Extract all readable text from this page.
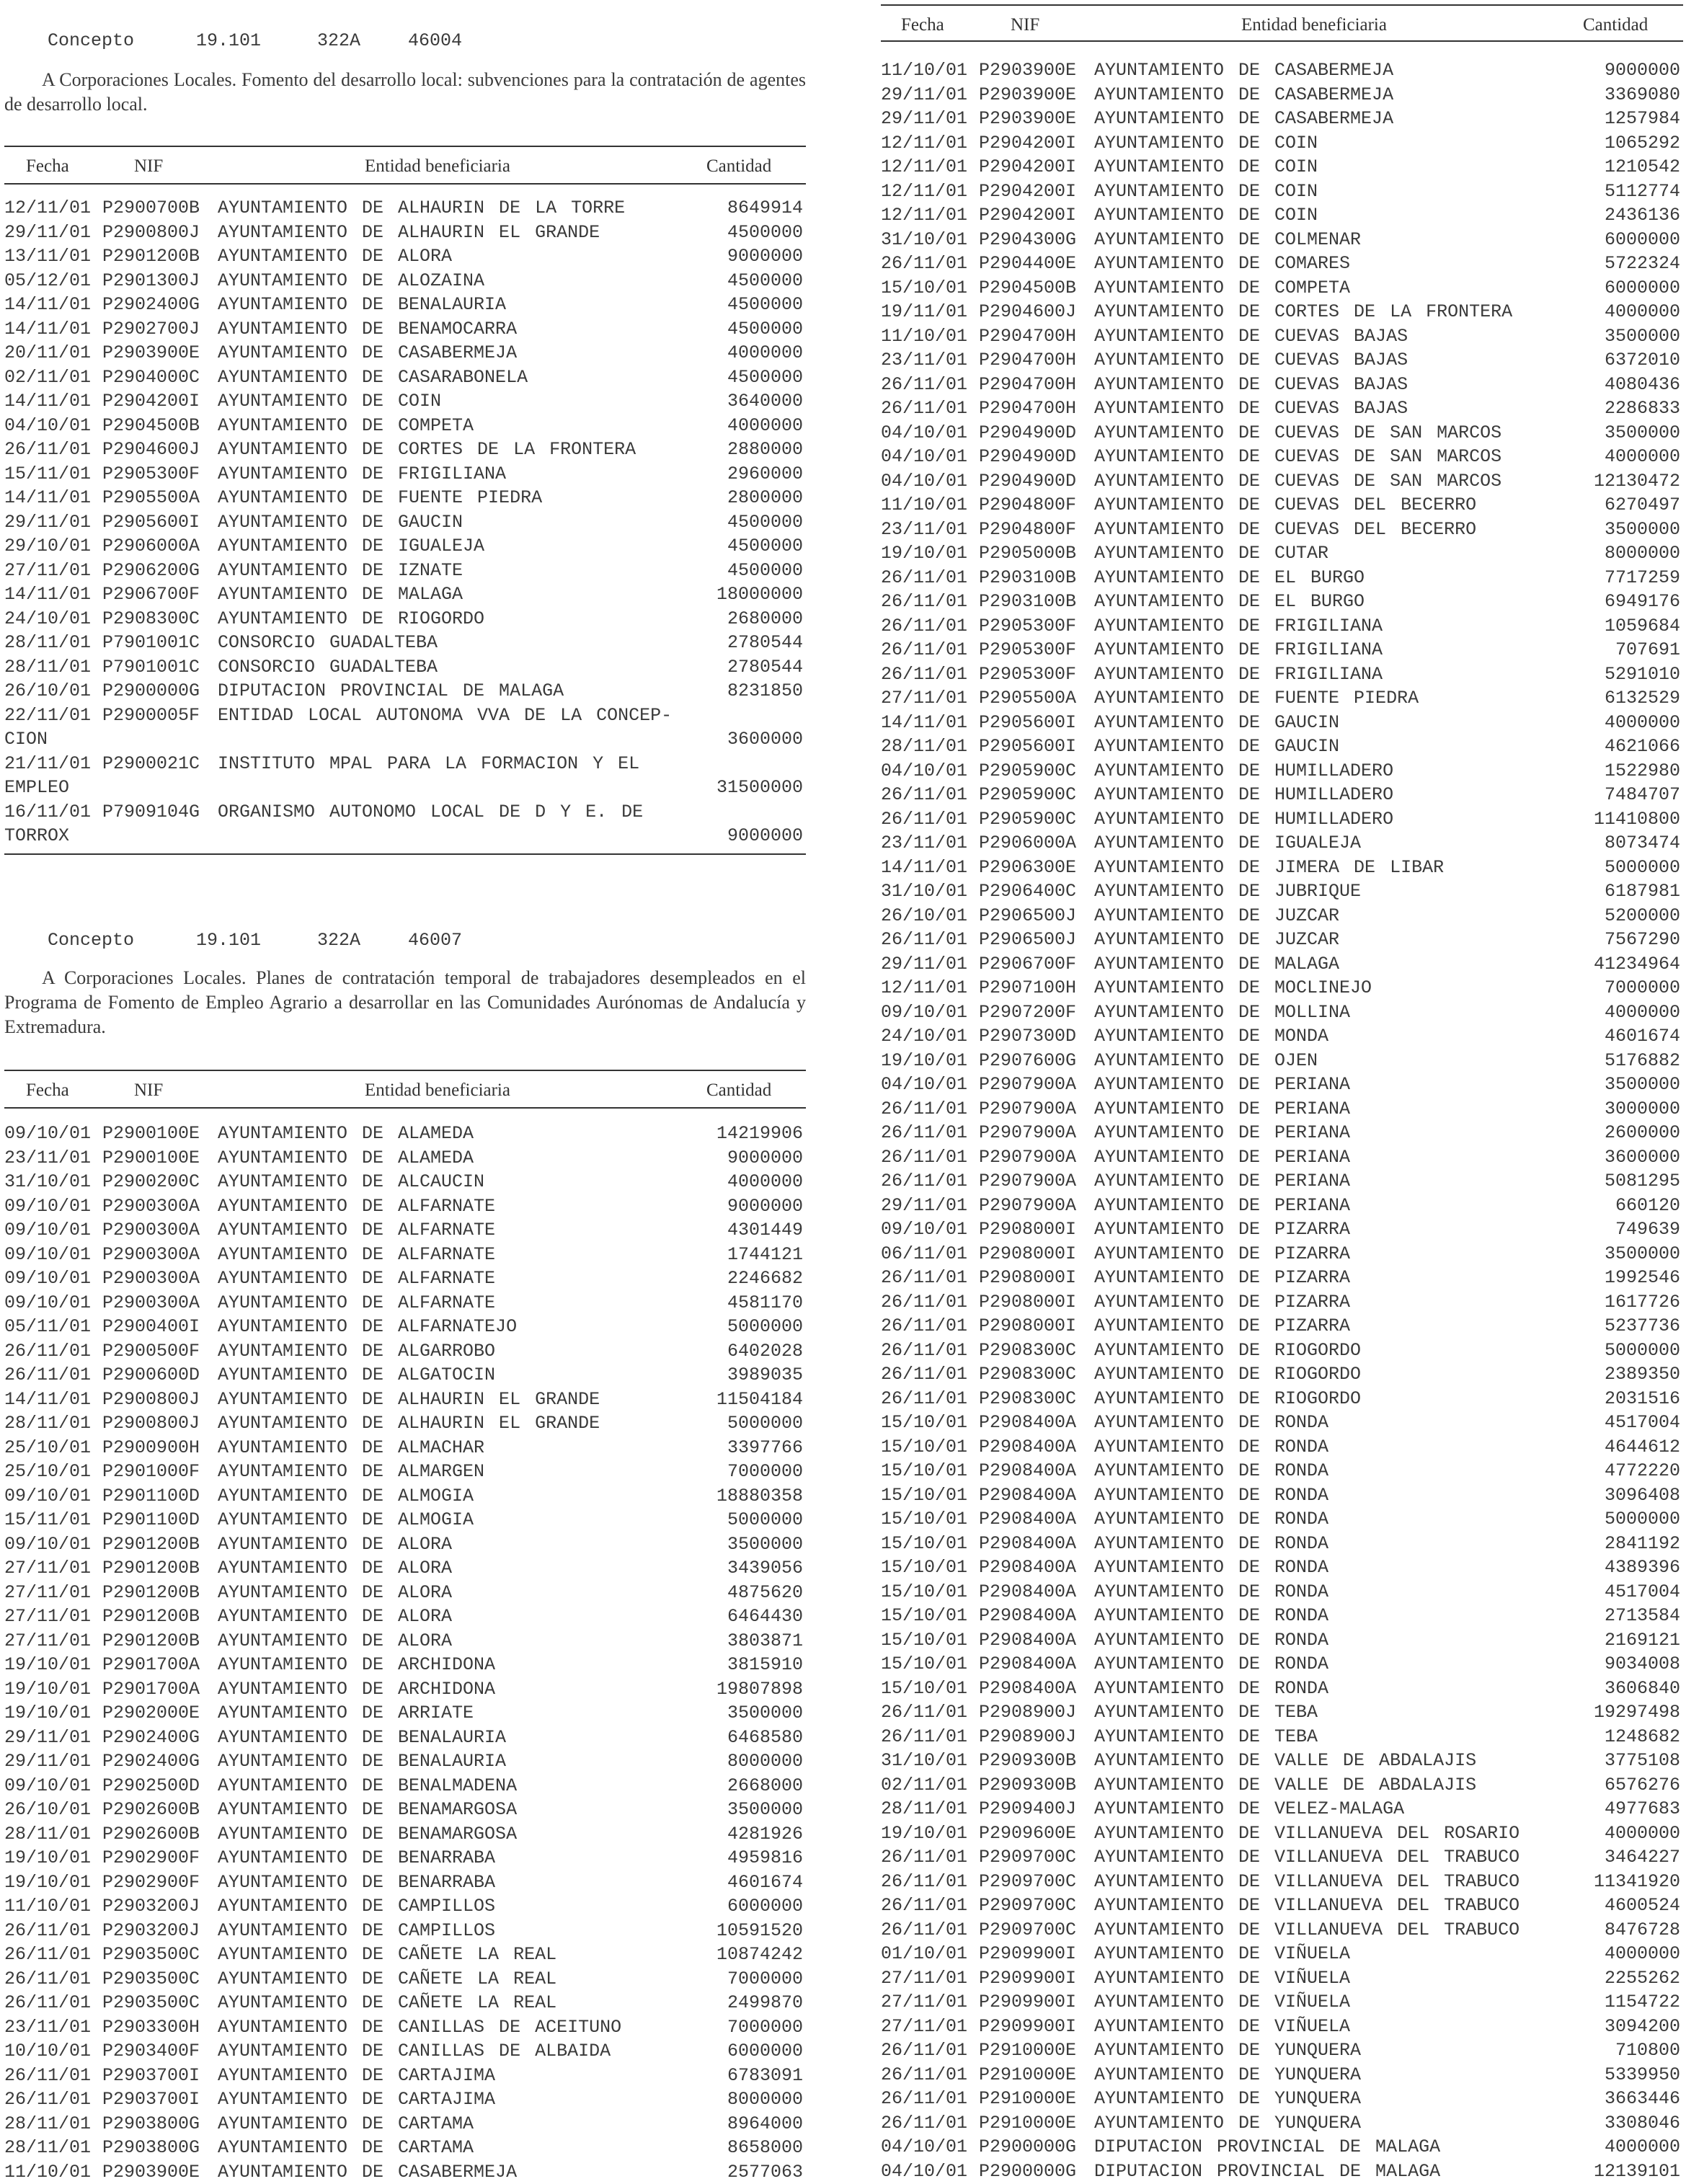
Concepto	19.101	322A	46004

A Corporaciones Locales. Fomento del desarrollo local: subvenciones para la contratación de agentes de desarrollo local.

Fecha	NIF	Entidad beneficiaria	Cantidad
12/11/01 P2900700B AYUNTAMIENTO DE ALHAURIN DE LA TORRE	8649914
29/11/01 P2900800J AYUNTAMIENTO DE ALHAURIN EL GRANDE	4500000
13/11/01 P2901200B AYUNTAMIENTO DE ALORA	9000000
05/12/01 P2901300J AYUNTAMIENTO DE ALOZAINA	4500000
14/11/01 P2902400G AYUNTAMIENTO DE BENALAURIA	4500000
14/11/01 P2902700J AYUNTAMIENTO DE BENAMOCARRA	4500000
20/11/01 P2903900E AYUNTAMIENTO DE CASABERMEJA	4000000
02/11/01 P2904000C AYUNTAMIENTO DE CASARABONELA	4500000
14/11/01 P2904200I AYUNTAMIENTO DE COIN	3640000
04/10/01 P2904500B AYUNTAMIENTO DE COMPETA	4000000
26/11/01 P2904600J AYUNTAMIENTO DE CORTES DE LA FRONTERA	2880000
15/11/01 P2905300F AYUNTAMIENTO DE FRIGILIANA	2960000
14/11/01 P2905500A AYUNTAMIENTO DE FUENTE PIEDRA	2800000
29/11/01 P2905600I AYUNTAMIENTO DE GAUCIN	4500000
29/10/01 P2906000A AYUNTAMIENTO DE IGUALEJA	4500000
27/11/01 P2906200G AYUNTAMIENTO DE IZNATE	4500000
14/11/01 P2906700F AYUNTAMIENTO DE MALAGA	18000000
24/10/01 P2908300C AYUNTAMIENTO DE RIOGORDO	2680000
28/11/01 P7901001C CONSORCIO GUADALTEBA	2780544
28/11/01 P7901001C CONSORCIO GUADALTEBA	2780544
26/10/01 P2900000G DIPUTACION PROVINCIAL DE MALAGA	8231850
22/11/01 P2900005F ENTIDAD LOCAL AUTONOMA VVA DE LA CONCEP-
CION	3600000
21/11/01 P2900021C INSTITUTO MPAL PARA LA FORMACION Y EL
EMPLEO	31500000
16/11/01 P7909104G ORGANISMO AUTONOMO LOCAL DE D Y E. DE
TORROX	9000000

Concepto	19.101	322A	46007

A Corporaciones Locales. Planes de contratación temporal de trabajadores desempleados en el Programa de Fomento de Empleo Agrario a desarrollar en las Comunidades Aurónomas de Andalucía y Extremadura.

Fecha	NIF	Entidad beneficiaria	Cantidad
09/10/01 P2900100E AYUNTAMIENTO DE ALAMEDA	14219906
23/11/01 P2900100E AYUNTAMIENTO DE ALAMEDA	9000000
31/10/01 P2900200C AYUNTAMIENTO DE ALCAUCIN	4000000
09/10/01 P2900300A AYUNTAMIENTO DE ALFARNATE	9000000
09/10/01 P2900300A AYUNTAMIENTO DE ALFARNATE	4301449
09/10/01 P2900300A AYUNTAMIENTO DE ALFARNATE	1744121
09/10/01 P2900300A AYUNTAMIENTO DE ALFARNATE	2246682
09/10/01 P2900300A AYUNTAMIENTO DE ALFARNATE	4581170
05/11/01 P2900400I AYUNTAMIENTO DE ALFARNATEJO	5000000
26/11/01 P2900500F AYUNTAMIENTO DE ALGARROBO	6402028
26/11/01 P2900600D AYUNTAMIENTO DE ALGATOCIN	3989035
14/11/01 P2900800J AYUNTAMIENTO DE ALHAURIN EL GRANDE	11504184
28/11/01 P2900800J AYUNTAMIENTO DE ALHAURIN EL GRANDE	5000000
25/10/01 P2900900H AYUNTAMIENTO DE ALMACHAR	3397766
25/10/01 P2901000F AYUNTAMIENTO DE ALMARGEN	7000000
09/10/01 P2901100D AYUNTAMIENTO DE ALMOGIA	18880358
15/11/01 P2901100D AYUNTAMIENTO DE ALMOGIA	5000000
09/10/01 P2901200B AYUNTAMIENTO DE ALORA	3500000
27/11/01 P2901200B AYUNTAMIENTO DE ALORA	3439056
27/11/01 P2901200B AYUNTAMIENTO DE ALORA	4875620
27/11/01 P2901200B AYUNTAMIENTO DE ALORA	6464430
27/11/01 P2901200B AYUNTAMIENTO DE ALORA	3803871
19/10/01 P2901700A AYUNTAMIENTO DE ARCHIDONA	3815910
19/10/01 P2901700A AYUNTAMIENTO DE ARCHIDONA	19807898
19/10/01 P2902000E AYUNTAMIENTO DE ARRIATE	3500000
29/11/01 P2902400G AYUNTAMIENTO DE BENALAURIA	6468580
29/11/01 P2902400G AYUNTAMIENTO DE BENALAURIA	8000000
09/10/01 P2902500D AYUNTAMIENTO DE BENALMADENA	2668000
26/10/01 P2902600B AYUNTAMIENTO DE BENAMARGOSA	3500000
28/11/01 P2902600B AYUNTAMIENTO DE BENAMARGOSA	4281926
19/10/01 P2902900F AYUNTAMIENTO DE BENARRABA	4959816
19/10/01 P2902900F AYUNTAMIENTO DE BENARRABA	4601674
11/10/01 P2903200J AYUNTAMIENTO DE CAMPILLOS	6000000
26/11/01 P2903200J AYUNTAMIENTO DE CAMPILLOS	10591520
26/11/01 P2903500C AYUNTAMIENTO DE CAÑETE LA REAL	10874242
26/11/01 P2903500C AYUNTAMIENTO DE CAÑETE LA REAL	7000000
26/11/01 P2903500C AYUNTAMIENTO DE CAÑETE LA REAL	2499870
23/11/01 P2903300H AYUNTAMIENTO DE CANILLAS DE ACEITUNO	7000000
10/10/01 P2903400F AYUNTAMIENTO DE CANILLAS DE ALBAIDA	6000000
26/11/01 P2903700I AYUNTAMIENTO DE CARTAJIMA	6783091
26/11/01 P2903700I AYUNTAMIENTO DE CARTAJIMA	8000000
28/11/01 P2903800G AYUNTAMIENTO DE CARTAMA	8964000
28/11/01 P2903800G AYUNTAMIENTO DE CARTAMA	8658000
11/10/01 P2903900E AYUNTAMIENTO DE CASABERMEJA	2577063
Fecha	NIF	Entidad beneficiaria	Cantidad
11/10/01 P2903900E AYUNTAMIENTO DE CASABERMEJA	9000000
29/11/01 P2903900E AYUNTAMIENTO DE CASABERMEJA	3369080
29/11/01 P2903900E AYUNTAMIENTO DE CASABERMEJA	1257984
12/11/01 P2904200I AYUNTAMIENTO DE COIN	1065292
12/11/01 P2904200I AYUNTAMIENTO DE COIN	1210542
12/11/01 P2904200I AYUNTAMIENTO DE COIN	5112774
12/11/01 P2904200I AYUNTAMIENTO DE COIN	2436136
31/10/01 P2904300G AYUNTAMIENTO DE COLMENAR	6000000
26/11/01 P2904400E AYUNTAMIENTO DE COMARES	5722324
15/10/01 P2904500B AYUNTAMIENTO DE COMPETA	6000000
19/11/01 P2904600J AYUNTAMIENTO DE CORTES DE LA FRONTERA	4000000
11/10/01 P2904700H AYUNTAMIENTO DE CUEVAS BAJAS	3500000
23/11/01 P2904700H AYUNTAMIENTO DE CUEVAS BAJAS	6372010
26/11/01 P2904700H AYUNTAMIENTO DE CUEVAS BAJAS	4080436
26/11/01 P2904700H AYUNTAMIENTO DE CUEVAS BAJAS	2286833
04/10/01 P2904900D AYUNTAMIENTO DE CUEVAS DE SAN MARCOS	3500000
04/10/01 P2904900D AYUNTAMIENTO DE CUEVAS DE SAN MARCOS	4000000
04/10/01 P2904900D AYUNTAMIENTO DE CUEVAS DE SAN MARCOS	12130472
11/10/01 P2904800F AYUNTAMIENTO DE CUEVAS DEL BECERRO	6270497
23/11/01 P2904800F AYUNTAMIENTO DE CUEVAS DEL BECERRO	3500000
19/10/01 P2905000B AYUNTAMIENTO DE CUTAR	8000000
26/11/01 P2903100B AYUNTAMIENTO DE EL BURGO	7717259
26/11/01 P2903100B AYUNTAMIENTO DE EL BURGO	6949176
26/11/01 P2905300F AYUNTAMIENTO DE FRIGILIANA	1059684
26/11/01 P2905300F AYUNTAMIENTO DE FRIGILIANA	707691
26/11/01 P2905300F AYUNTAMIENTO DE FRIGILIANA	5291010
27/11/01 P2905500A AYUNTAMIENTO DE FUENTE PIEDRA	6132529
14/11/01 P2905600I AYUNTAMIENTO DE GAUCIN	4000000
28/11/01 P2905600I AYUNTAMIENTO DE GAUCIN	4621066
04/10/01 P2905900C AYUNTAMIENTO DE HUMILLADERO	1522980
26/11/01 P2905900C AYUNTAMIENTO DE HUMILLADERO	7484707
26/11/01 P2905900C AYUNTAMIENTO DE HUMILLADERO	11410800
23/11/01 P2906000A AYUNTAMIENTO DE IGUALEJA	8073474
14/11/01 P2906300E AYUNTAMIENTO DE JIMERA DE LIBAR	5000000
31/10/01 P2906400C AYUNTAMIENTO DE JUBRIQUE	6187981
26/10/01 P2906500J AYUNTAMIENTO DE JUZCAR	5200000
26/11/01 P2906500J AYUNTAMIENTO DE JUZCAR	7567290
29/11/01 P2906700F AYUNTAMIENTO DE MALAGA	41234964
12/11/01 P2907100H AYUNTAMIENTO DE MOCLINEJO	7000000
09/10/01 P2907200F AYUNTAMIENTO DE MOLLINA	4000000
24/10/01 P2907300D AYUNTAMIENTO DE MONDA	4601674
19/10/01 P2907600G AYUNTAMIENTO DE OJEN	5176882
04/10/01 P2907900A AYUNTAMIENTO DE PERIANA	3500000
26/11/01 P2907900A AYUNTAMIENTO DE PERIANA	3000000
26/11/01 P2907900A AYUNTAMIENTO DE PERIANA	2600000
26/11/01 P2907900A AYUNTAMIENTO DE PERIANA	3600000
26/11/01 P2907900A AYUNTAMIENTO DE PERIANA	5081295
29/11/01 P2907900A AYUNTAMIENTO DE PERIANA	660120
09/10/01 P2908000I AYUNTAMIENTO DE PIZARRA	749639
06/11/01 P2908000I AYUNTAMIENTO DE PIZARRA	3500000
26/11/01 P2908000I AYUNTAMIENTO DE PIZARRA	1992546
26/11/01 P2908000I AYUNTAMIENTO DE PIZARRA	1617726
26/11/01 P2908000I AYUNTAMIENTO DE PIZARRA	5237736
26/11/01 P2908300C AYUNTAMIENTO DE RIOGORDO	5000000
26/11/01 P2908300C AYUNTAMIENTO DE RIOGORDO	2389350
26/11/01 P2908300C AYUNTAMIENTO DE RIOGORDO	2031516
15/10/01 P2908400A AYUNTAMIENTO DE RONDA	4517004
15/10/01 P2908400A AYUNTAMIENTO DE RONDA	4644612
15/10/01 P2908400A AYUNTAMIENTO DE RONDA	4772220
15/10/01 P2908400A AYUNTAMIENTO DE RONDA	3096408
15/10/01 P2908400A AYUNTAMIENTO DE RONDA	5000000
15/10/01 P2908400A AYUNTAMIENTO DE RONDA	2841192
15/10/01 P2908400A AYUNTAMIENTO DE RONDA	4389396
15/10/01 P2908400A AYUNTAMIENTO DE RONDA	4517004
15/10/01 P2908400A AYUNTAMIENTO DE RONDA	2713584
15/10/01 P2908400A AYUNTAMIENTO DE RONDA	2169121
15/10/01 P2908400A AYUNTAMIENTO DE RONDA	9034008
15/10/01 P2908400A AYUNTAMIENTO DE RONDA	3606840
26/11/01 P2908900J AYUNTAMIENTO DE TEBA	19297498
26/11/01 P2908900J AYUNTAMIENTO DE TEBA	1248682
31/10/01 P2909300B AYUNTAMIENTO DE VALLE DE ABDALAJIS	3775108
02/11/01 P2909300B AYUNTAMIENTO DE VALLE DE ABDALAJIS	6576276
28/11/01 P2909400J AYUNTAMIENTO DE VELEZ-MALAGA	4977683
19/10/01 P2909600E AYUNTAMIENTO DE VILLANUEVA DEL ROSARIO	4000000
26/11/01 P2909700C AYUNTAMIENTO DE VILLANUEVA DEL TRABUCO	3464227
26/11/01 P2909700C AYUNTAMIENTO DE VILLANUEVA DEL TRABUCO	11341920
26/11/01 P2909700C AYUNTAMIENTO DE VILLANUEVA DEL TRABUCO	4600524
26/11/01 P2909700C AYUNTAMIENTO DE VILLANUEVA DEL TRABUCO	8476728
01/10/01 P2909900I AYUNTAMIENTO DE VIÑUELA	4000000
27/11/01 P2909900I AYUNTAMIENTO DE VIÑUELA	2255262
27/11/01 P2909900I AYUNTAMIENTO DE VIÑUELA	1154722
27/11/01 P2909900I AYUNTAMIENTO DE VIÑUELA	3094200
26/11/01 P2910000E AYUNTAMIENTO DE YUNQUERA	710800
26/11/01 P2910000E AYUNTAMIENTO DE YUNQUERA	5339950
26/11/01 P2910000E AYUNTAMIENTO DE YUNQUERA	3663446
26/11/01 P2910000E AYUNTAMIENTO DE YUNQUERA	3308046
04/10/01 P2900000G DIPUTACION PROVINCIAL DE MALAGA	4000000
04/10/01 P2900000G DIPUTACION PROVINCIAL DE MALAGA	12139101
